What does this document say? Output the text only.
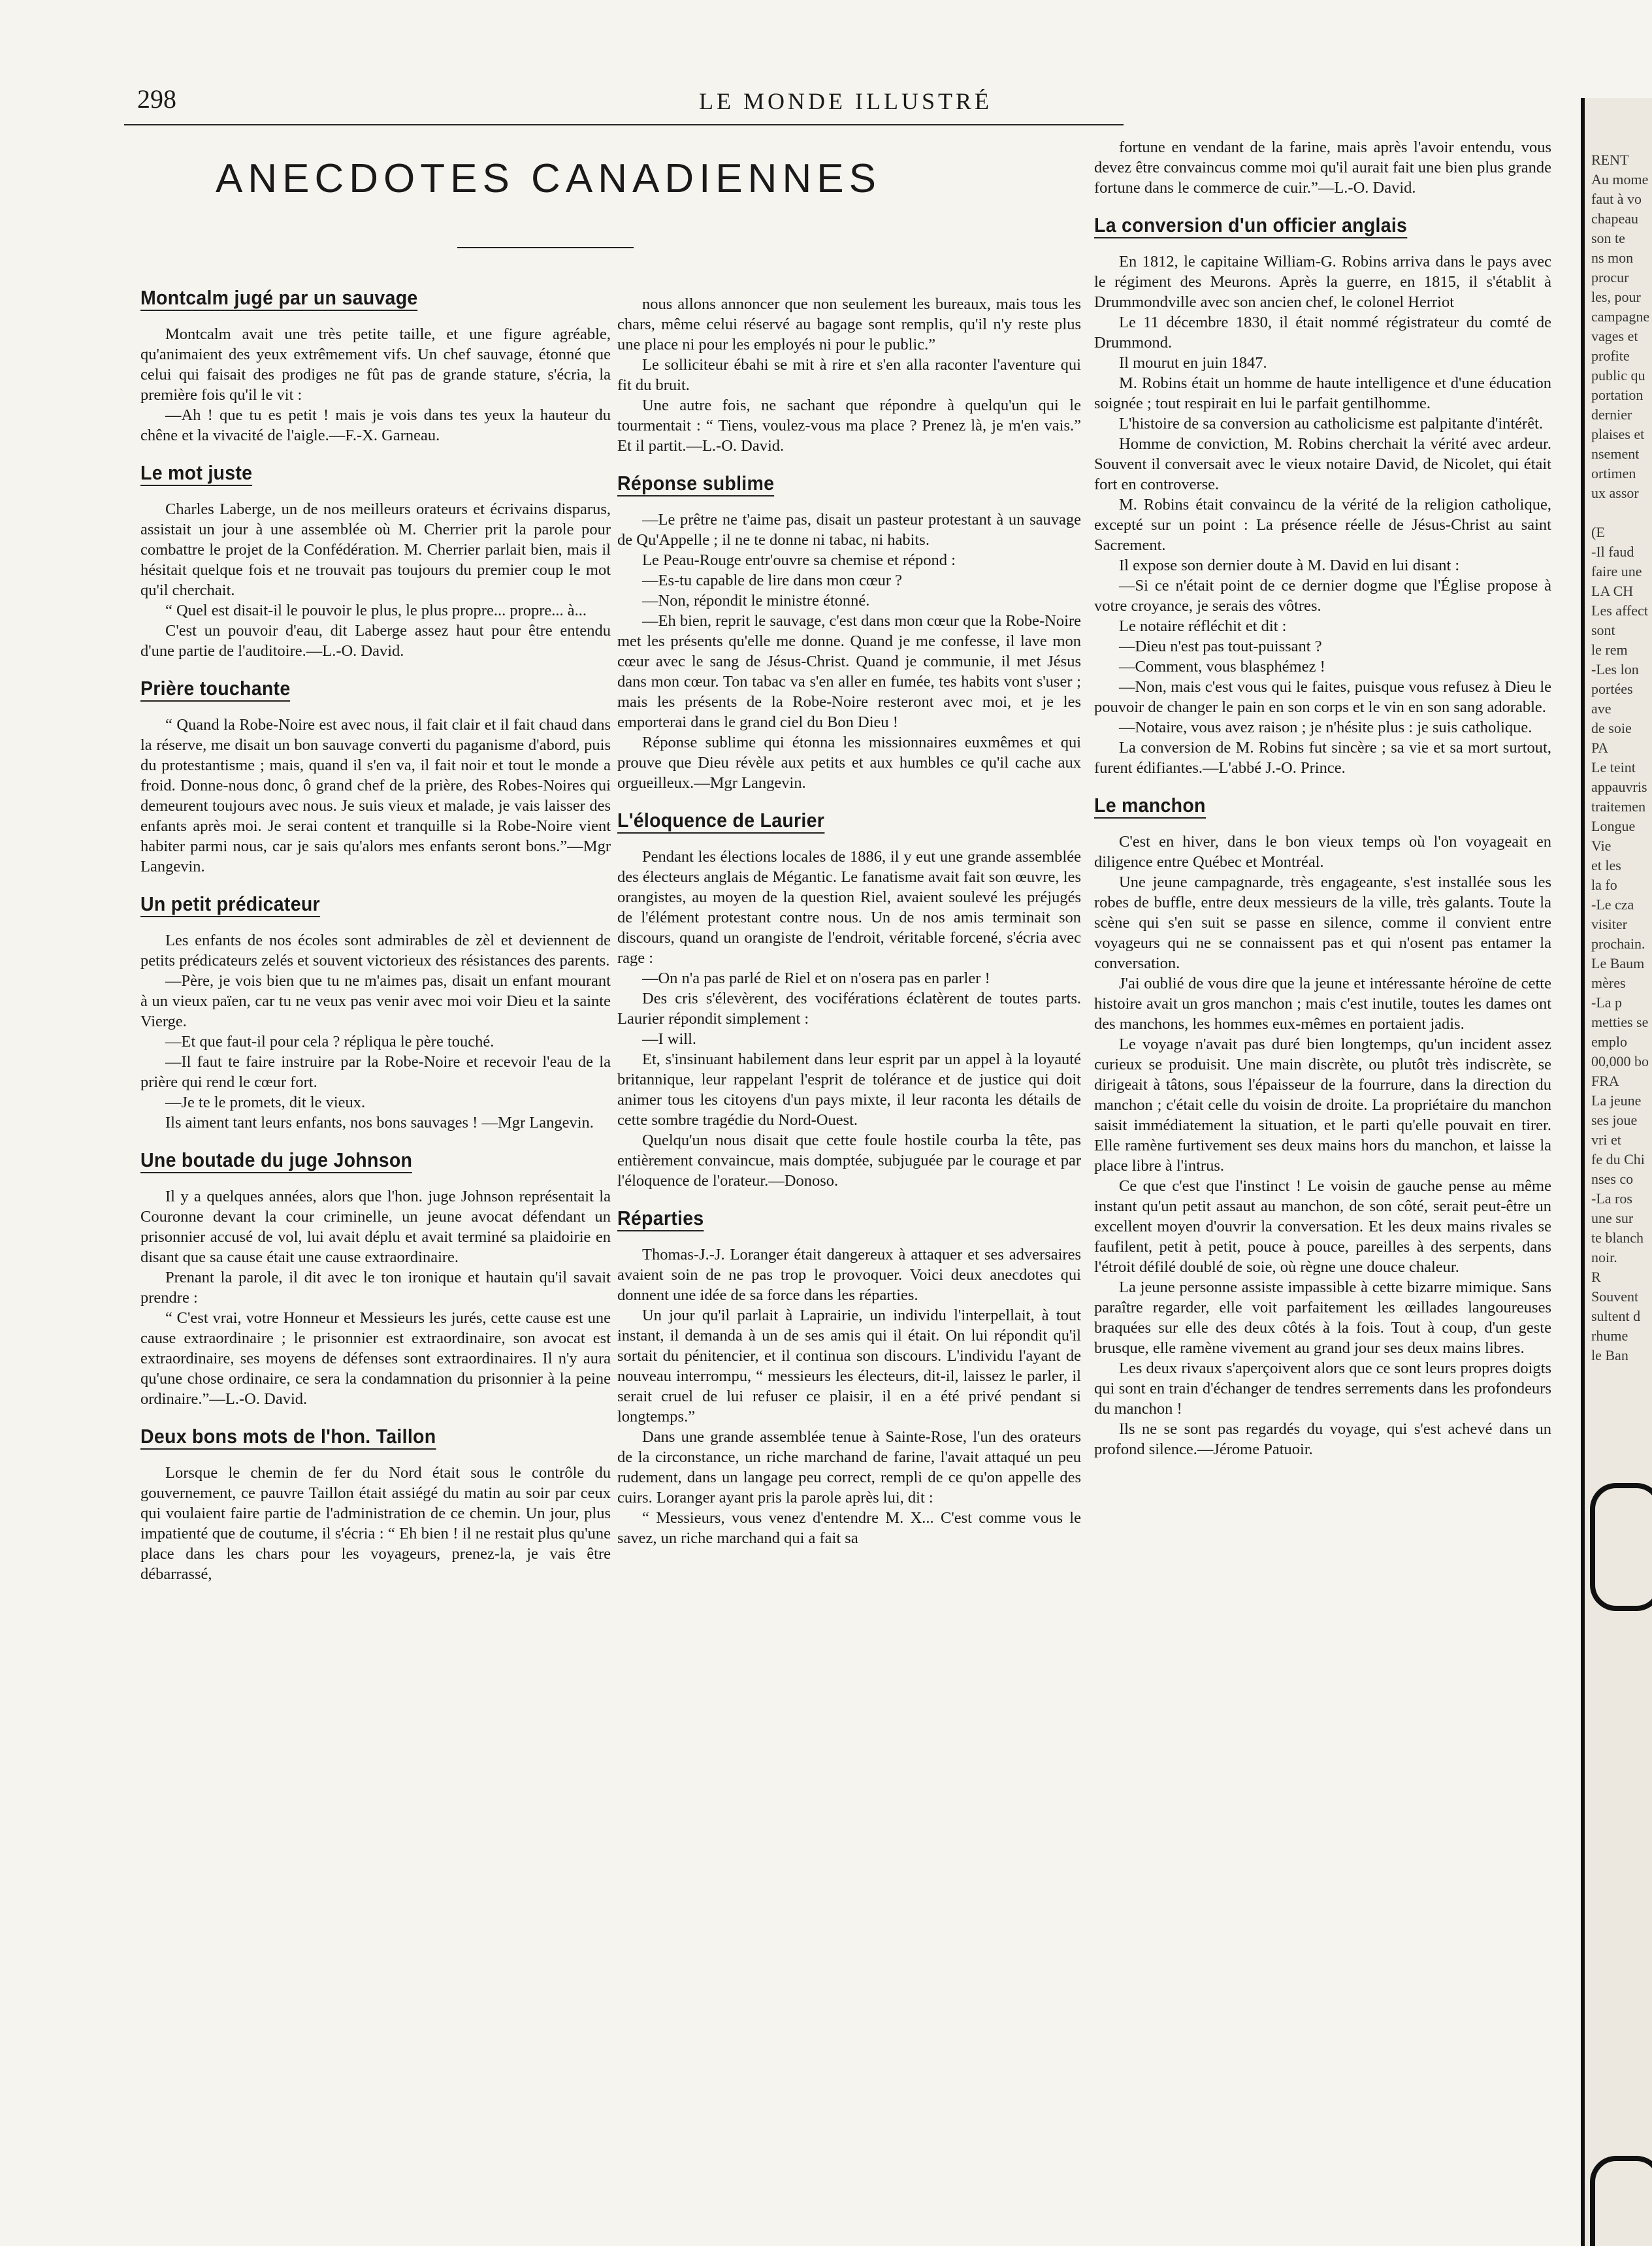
298	LE MONDE ILLUSTRÉ
ANECDOTES CANADIENNES
Montcalm jugé par un sauvage

Montcalm avait une très petite taille, et une figure agréable, qu'animaient des yeux extrêmement vifs. Un chef sauvage, étonné que celui qui faisait des prodiges ne fût pas de grande stature, s'écria, la première fois qu'il le vit :

—Ah ! que tu es petit ! mais je vois dans tes yeux la hauteur du chêne et la vivacité de l'aigle.—F.-X. Garneau.

Le mot juste

Charles Laberge, un de nos meilleurs orateurs et écrivains disparus, assistait un jour à une assemblée où M. Cherrier prit la parole pour combattre le projet de la Confédération. M. Cherrier parlait bien, mais il hésitait quelque fois et ne trouvait pas toujours du premier coup le mot qu'il cherchait.

“ Quel est disait-il le pouvoir le plus, le plus propre... propre... à...

C'est un pouvoir d'eau, dit Laberge assez haut pour être entendu d'une partie de l'auditoire.—L.-O. David.

Prière touchante

“ Quand la Robe-Noire est avec nous, il fait clair et il fait chaud dans la réserve, me disait un bon sauvage converti du paganisme d'abord, puis du protestantisme ; mais, quand il s'en va, il fait noir et tout le monde a froid. Donne-nous donc, ô grand chef de la prière, des Robes-Noires qui demeurent toujours avec nous. Je suis vieux et malade, je vais laisser des enfants après moi. Je serai content et tranquille si la Robe-Noire vient habiter parmi nous, car je sais qu'alors mes enfants seront bons.”—Mgr Langevin.

Un petit prédicateur

Les enfants de nos écoles sont admirables de zèl et deviennent de petits prédicateurs zelés et souvent victorieux des résistances des parents.

—Père, je vois bien que tu ne m'aimes pas, disait un enfant mourant à un vieux païen, car tu ne veux pas venir avec moi voir Dieu et la sainte Vierge.

—Et que faut-il pour cela ? répliqua le père touché.

—Il faut te faire instruire par la Robe-Noire et recevoir l'eau de la prière qui rend le cœur fort.

—Je te le promets, dit le vieux.

Ils aiment tant leurs enfants, nos bons sauvages ! —Mgr Langevin.

Une boutade du juge Johnson

Il y a quelques années, alors que l'hon. juge Johnson représentait la Couronne devant la cour criminelle, un jeune avocat défendant un prisonnier accusé de vol, lui avait déplu et avait terminé sa plaidoirie en disant que sa cause était une cause extraordinaire.

Prenant la parole, il dit avec le ton ironique et hautain qu'il savait prendre :

“ C'est vrai, votre Honneur et Messieurs les jurés, cette cause est une cause extraordinaire ; le prisonnier est extraordinaire, son avocat est extraordinaire, ses moyens de défenses sont extraordinaires. Il n'y aura qu'une chose ordinaire, ce sera la condamnation du prisonnier à la peine ordinaire.”—L.-O. David.

Deux bons mots de l'hon. Taillon

Lorsque le chemin de fer du Nord était sous le contrôle du gouvernement, ce pauvre Taillon était assiégé du matin au soir par ceux qui voulaient faire partie de l'administration de ce chemin. Un jour, plus impatienté que de coutume, il s'écria : “ Eh bien ! il ne restait plus qu'une place dans les chars pour les voyageurs, prenez-la, je vais être débarrassé,

nous allons annoncer que non seulement les bureaux, mais tous les chars, même celui réservé au bagage sont remplis, qu'il n'y reste plus une place ni pour les employés ni pour le public.”

Le solliciteur ébahi se mit à rire et s'en alla raconter l'aventure qui fit du bruit.

Une autre fois, ne sachant que répondre à quelqu'un qui le tourmentait : “ Tiens, voulez-vous ma place ? Prenez là, je m'en vais.” Et il partit.—L.-O. David.

Réponse sublime

—Le prêtre ne t'aime pas, disait un pasteur protestant à un sauvage de Qu'Appelle ; il ne te donne ni tabac, ni habits.

Le Peau-Rouge entr'ouvre sa chemise et répond :

—Es-tu capable de lire dans mon cœur ?

—Non, répondit le ministre étonné.

—Eh bien, reprit le sauvage, c'est dans mon cœur que la Robe-Noire met les présents qu'elle me donne. Quand je me confesse, il lave mon cœur avec le sang de Jésus-Christ. Quand je communie, il met Jésus dans mon cœur. Ton tabac va s'en aller en fumée, tes habits vont s'user ; mais les présents de la Robe-Noire resteront avec moi, et je les emporterai dans le grand ciel du Bon Dieu !

Réponse sublime qui étonna les missionnaires euxmêmes et qui prouve que Dieu révèle aux petits et aux humbles ce qu'il cache aux orgueilleux.—Mgr Langevin.

L'éloquence de Laurier

Pendant les élections locales de 1886, il y eut une grande assemblée des électeurs anglais de Mégantic. Le fanatisme avait fait son œuvre, les orangistes, au moyen de la question Riel, avaient soulevé les préjugés de l'élément protestant contre nous. Un de nos amis terminait son discours, quand un orangiste de l'endroit, véritable forcené, s'écria avec rage :

—On n'a pas parlé de Riel et on n'osera pas en parler !

Des cris s'élevèrent, des vociférations éclatèrent de toutes parts. Laurier répondit simplement :

—I will.

Et, s'insinuant habilement dans leur esprit par un appel à la loyauté britannique, leur rappelant l'esprit de tolérance et de justice qui doit animer tous les citoyens d'un pays mixte, il leur raconta les détails de cette sombre tragédie du Nord-Ouest.

Quelqu'un nous disait que cette foule hostile courba la tête, pas entièrement convaincue, mais domptée, subjuguée par le courage et par l'éloquence de l'orateur.—Donoso.

Réparties

Thomas-J.-J. Loranger était dangereux à attaquer et ses adversaires avaient soin de ne pas trop le provoquer. Voici deux anecdotes qui donnent une idée de sa force dans les réparties.

Un jour qu'il parlait à Laprairie, un individu l'interpellait, à tout instant, il demanda à un de ses amis qui il était. On lui répondit qu'il sortait du pénitencier, et il continua son discours. L'individu l'ayant de nouveau interrompu, “ messieurs les électeurs, dit-il, laissez le parler, il serait cruel de lui refuser ce plaisir, il en a été privé pendant si longtemps.”

Dans une grande assemblée tenue à Sainte-Rose, l'un des orateurs de la circonstance, un riche marchand de farine, l'avait attaqué un peu rudement, dans un langage peu correct, rempli de ce qu'on appelle des cuirs. Loranger ayant pris la parole après lui, dit :

“ Messieurs, vous venez d'entendre M. X... C'est comme vous le savez, un riche marchand qui a fait sa

fortune en vendant de la farine, mais après l'avoir entendu, vous devez être convaincus comme moi qu'il aurait fait une bien plus grande fortune dans le commerce de cuir.”—L.-O. David.

La conversion d'un officier anglais

En 1812, le capitaine William-G. Robins arriva dans le pays avec le régiment des Meurons. Après la guerre, en 1815, il s'établit à Drummondville avec son ancien chef, le colonel Herriot

Le 11 décembre 1830, il était nommé régistrateur du comté de Drummond.

Il mourut en juin 1847.

M. Robins était un homme de haute intelligence et d'une éducation soignée ; tout respirait en lui le parfait gentilhomme.

L'histoire de sa conversion au catholicisme est palpitante d'intérêt.

Homme de conviction, M. Robins cherchait la vérité avec ardeur. Souvent il conversait avec le vieux notaire David, de Nicolet, qui était fort en controverse.

M. Robins était convaincu de la vérité de la religion catholique, excepté sur un point : La présence réelle de Jésus-Christ au saint Sacrement.

Il expose son dernier doute à M. David en lui disant :

—Si ce n'était point de ce dernier dogme que l'Église propose à votre croyance, je serais des vôtres.

Le notaire réfléchit et dit :

—Dieu n'est pas tout-puissant ?

—Comment, vous blasphémez !

—Non, mais c'est vous qui le faites, puisque vous refusez à Dieu le pouvoir de changer le pain en son corps et le vin en son sang adorable.

—Notaire, vous avez raison ; je n'hésite plus : je suis catholique.

La conversion de M. Robins fut sincère ; sa vie et sa mort surtout, furent édifiantes.—L'abbé J.-O. Prince.

Le manchon

C'est en hiver, dans le bon vieux temps où l'on voyageait en diligence entre Québec et Montréal.

Une jeune campagnarde, très engageante, s'est installée sous les robes de buffle, entre deux messieurs de la ville, très galants. Toute la scène qui s'en suit se passe en silence, comme il convient entre voyageurs qui ne se connaissent pas et qui n'osent pas entamer la conversation.

J'ai oublié de vous dire que la jeune et intéressante héroïne de cette histoire avait un gros manchon ; mais c'est inutile, toutes les dames ont des manchons, les hommes eux-mêmes en portaient jadis.

Le voyage n'avait pas duré bien longtemps, qu'un incident assez curieux se produisit. Une main discrète, ou plutôt très indiscrète, se dirigeait à tâtons, sous l'épaisseur de la fourrure, dans la direction du manchon ; c'était celle du voisin de droite. La propriétaire du manchon saisit immédiatement la situation, et le parti qu'elle pouvait en tirer. Elle ramène furtivement ses deux mains hors du manchon, et laisse la place libre à l'intrus.

Ce que c'est que l'instinct ! Le voisin de gauche pense au même instant qu'un petit assaut au manchon, de son côté, serait peut-être un excellent moyen d'ouvrir la conversation. Et les deux mains rivales se faufilent, petit à petit, pouce à pouce, pareilles à des serpents, dans l'étroit défilé doublé de soie, où règne une douce chaleur.

La jeune personne assiste impassible à cette bizarre mimique. Sans paraître regarder, elle voit parfaitement les œillades langoureuses braquées sur elle des deux côtés à la fois. Tout à coup, d'un geste brusque, elle ramène vivement au grand jour ses deux mains libres.

Les deux rivaux s'aperçoivent alors que ce sont leurs propres doigts qui sont en train d'échanger de tendres serrements dans les profondeurs du manchon !

Ils ne se sont pas regardés du voyage, qui s'est achevé dans un profond silence.—Jérome Patuoir.

RENT
Au mome
faut à vo
chapeau
son te
ns mon
procur
les, pour
campagne
vages et
profite
public qu
portation
dernier
plaises et
nsement
ortimen
ux assor

(E
-Il faud
faire une
LA CH
Les affect
sont
le rem
-Les lon
portées ave
de soie
PA
Le teint
appauvris
traitemen
Longue Vie
et les
la fo
-Le cza
visiter
prochain.
Le Baum
mères
-La p
metties se
emplo
00,000 bo
FRA
La jeune
ses joue
vri et
fe du Chi
nses co
-La ros
une sur
te blanch
noir.
R
Souvent
sultent d
rhume
le Ban
